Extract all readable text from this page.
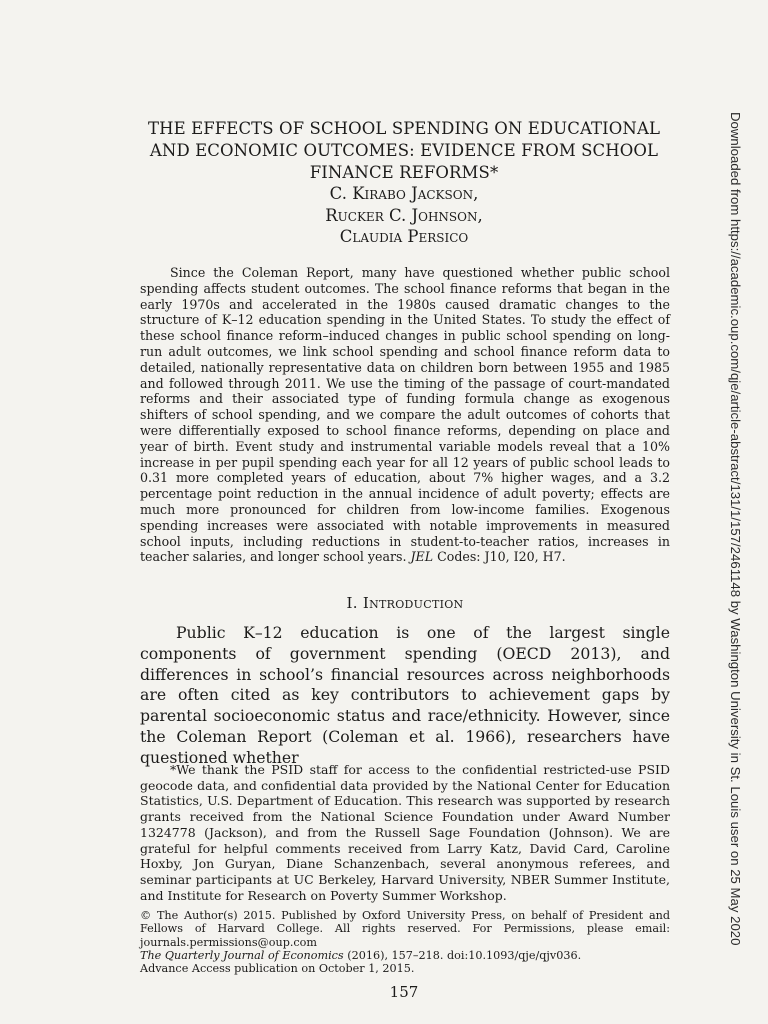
THE EFFECTS OF SCHOOL SPENDING ON EDUCATIONAL
AND ECONOMIC OUTCOMES: EVIDENCE FROM SCHOOL
FINANCE REFORMS*
C. Kirabo Jackson,
Rucker C. Johnson,
Claudia Persico
Since the Coleman Report, many have questioned whether public school spending affects student outcomes. The school finance reforms that began in the early 1970s and accelerated in the 1980s caused dramatic changes to the structure of K–12 education spending in the United States. To study the effect of these school finance reform–induced changes in public school spending on long-run adult outcomes, we link school spending and school finance reform data to detailed, nationally representative data on children born between 1955 and 1985 and followed through 2011. We use the timing of the passage of court-mandated reforms and their associated type of funding formula change as exogenous shifters of school spending, and we compare the adult outcomes of cohorts that were differentially exposed to school finance reforms, depending on place and year of birth. Event study and instrumental variable models reveal that a 10% increase in per pupil spending each year for all 12 years of public school leads to 0.31 more completed years of education, about 7% higher wages, and a 3.2 percentage point reduction in the annual incidence of adult poverty; effects are much more pronounced for children from low-income families. Exogenous spending increases were associated with notable improvements in measured school inputs, including reductions in student-to-teacher ratios, increases in teacher salaries, and longer school years. JEL Codes: J10, I20, H7.
I. Introduction
Public K–12 education is one of the largest single components of government spending (OECD 2013), and differences in school’s financial resources across neighborhoods are often cited as key contributors to achievement gaps by parental socioeconomic status and race/ethnicity. However, since the Coleman Report (Coleman et al. 1966), researchers have questioned whether
*We thank the PSID staff for access to the confidential restricted-use PSID geocode data, and confidential data provided by the National Center for Education Statistics, U.S. Department of Education. This research was supported by research grants received from the National Science Foundation under Award Number 1324778 (Jackson), and from the Russell Sage Foundation (Johnson). We are grateful for helpful comments received from Larry Katz, David Card, Caroline Hoxby, Jon Guryan, Diane Schanzenbach, several anonymous referees, and seminar participants at UC Berkeley, Harvard University, NBER Summer Institute, and Institute for Research on Poverty Summer Workshop.

© The Author(s) 2015. Published by Oxford University Press, on behalf of President and Fellows of Harvard College. All rights reserved. For Permissions, please email: journals.permissions@oup.com

The Quarterly Journal of Economics (2016), 157–218. doi:10.1093/qje/qjv036.

Advance Access publication on October 1, 2015.

157
Downloaded from https://academic.oup.com/qje/article-abstract/131/1/157/2461148 by Washington University in St. Louis user on 25 May 2020
